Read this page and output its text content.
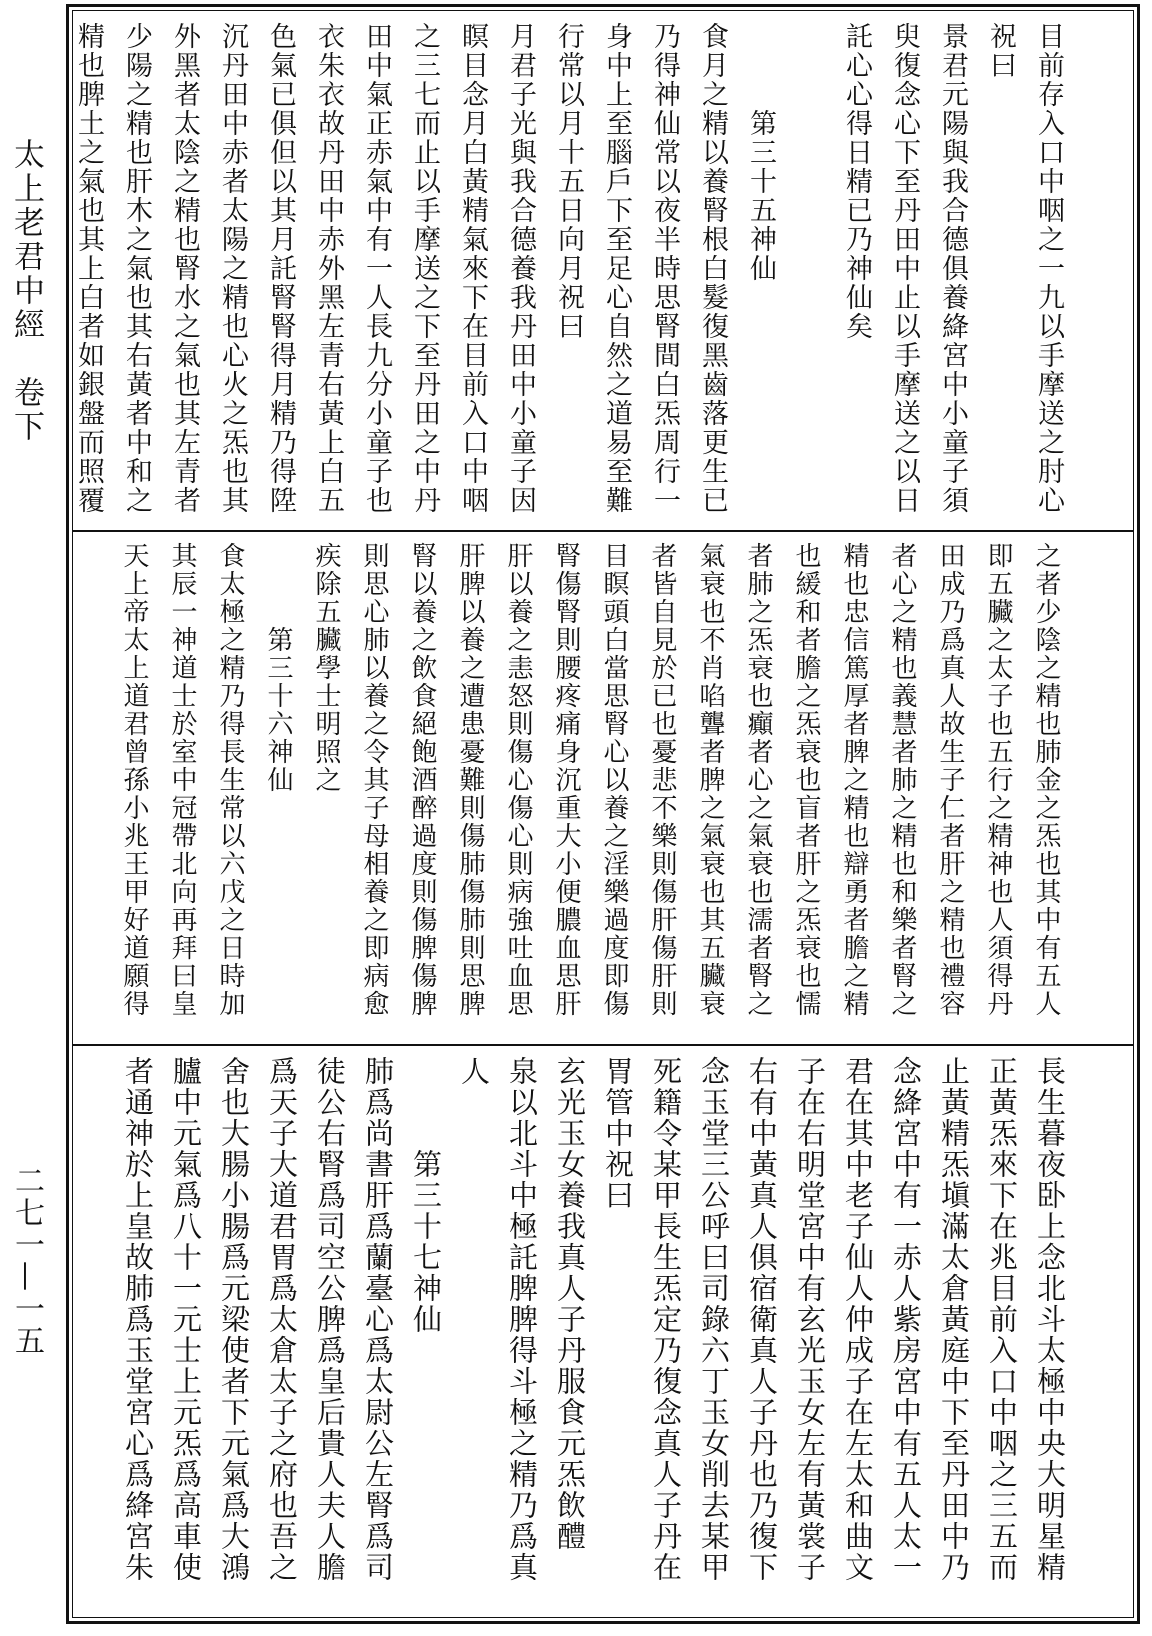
太上老君中經　卷下
二七一—一五
目前存入口中咽之一九以手摩送之肘心
祝曰
景君元陽與我合德俱養絳宮中小童子須
臾復念心下至丹田中止以手摩送之以日
託心心得日精已乃神仙矣
　　　第三十五神仙
食月之精以養腎根白髮復黑齒落更生已
乃得神仙常以夜半時思腎間白炁周行一
身中上至腦戶下至足心自然之道易至難
行常以月十五日向月祝曰
月君子光與我合德養我丹田中小童子因
瞑目念月白黃精氣來下在目前入口中咽
之三七而止以手摩送之下至丹田之中丹
田中氣正赤氣中有一人長九分小童子也
衣朱衣故丹田中赤外黑左青右黃上白五
色氣已俱但以其月託腎腎得月精乃得陞
沉丹田中赤者太陽之精也心火之炁也其
外黑者太陰之精也腎水之氣也其左青者
少陽之精也肝木之氣也其右黃者中和之
精也脾土之氣也其上白者如銀盤而照覆
之者少陰之精也肺金之炁也其中有五人
即五臟之太子也五行之精神也人須得丹
田成乃爲真人故生子仁者肝之精也禮容
者心之精也義慧者肺之精也和樂者腎之
精也忠信篤厚者脾之精也辯勇者膽之精
也緩和者膽之炁衰也盲者肝之炁衰也懦
者肺之炁衰也癲者心之氣衰也濡者腎之
氣衰也不肖啗聾者脾之氣衰也其五臟衰
者皆自見於已也憂悲不樂則傷肝傷肝則
目瞑頭白當思腎心以養之淫樂過度即傷
腎傷腎則腰疼痛身沉重大小便膿血思肝
肝以養之恚怒則傷心傷心則病強吐血思
肝脾以養之遭患憂難則傷肺傷肺則思脾
腎以養之飲食絕飽酒醉過度則傷脾傷脾
則思心肺以養之令其子母相養之即病愈
疾除五臟學士明照之
　　　第三十六神仙
食太極之精乃得長生常以六戊之日時加
其辰一神道士於室中冠帶北向再拜曰皇
天上帝太上道君曾孫小兆王甲好道願得
長生暮夜卧上念北斗太極中央大明星精
正黃炁來下在兆目前入口中咽之三五而
止黃精炁塡滿太倉黃庭中下至丹田中乃
念絳宮中有一赤人紫房宮中有五人太一
君在其中老子仙人仲成子在左太和曲文
子在右明堂宮中有玄光玉女左有黃裳子
右有中黃真人俱宿衛真人子丹也乃復下
念玉堂三公呼曰司錄六丁玉女削去某甲
死籍令某甲長生炁定乃復念真人子丹在
胃管中祝曰
玄光玉女養我真人子丹服食元炁飲醴
泉以北斗中極託脾脾得斗極之精乃爲真
人
　　　第三十七神仙
肺爲尚書肝爲蘭臺心爲太尉公左腎爲司
徒公右腎爲司空公脾爲皇后貴人夫人膽
爲天子大道君胃爲太倉太子之府也吾之
舍也大腸小腸爲元梁使者下元氣爲大鴻
臚中元氣爲八十一元士上元炁爲高車使
者通神於上皇故肺爲玉堂宮心爲絳宮朱
